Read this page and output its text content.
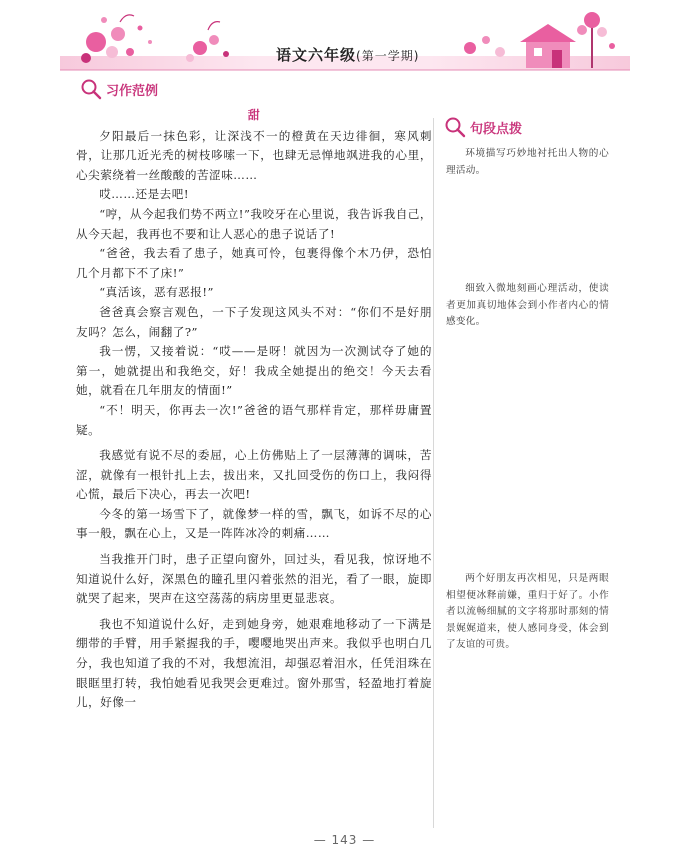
语文六年级(第一学期)
习作范例
句段点拨
甜

夕阳最后一抹色彩，让深浅不一的橙黄在天边徘徊，寒风刺骨，让那几近光秃的树枝哆嗦一下，也肆无忌惮地飒进我的心里，心尖萦绕着一丝酸酸的苦涩味……

哎……还是去吧!

“哼，从今起我们势不两立!”我咬牙在心里说，我告诉我自己，从今天起，我再也不要和让人恶心的患子说话了!

“爸爸，我去看了患子，她真可怜，包裹得像个木乃伊，恐怕几个月都下不了床!”

“真活该，恶有恶报!”

爸爸真会察言观色，一下子发现这风头不对：“你们不是好朋友吗？怎么，闹翻了?”

我一愣，又接着说：“哎——是呀！就因为一次测试夺了她的第一，她就提出和我绝交，好！我成全她提出的绝交！今天去看她，就看在几年朋友的情面!”

“不！明天，你再去一次!”爸爸的语气那样肯定，那样毋庸置疑。

我感觉有说不尽的委屈，心上仿佛贴上了一层薄薄的调味，苦涩，就像有一根针扎上去，拔出来，又扎回受伤的伤口上，我闷得心慌，最后下决心，再去一次吧!

今冬的第一场雪下了，就像梦一样的雪，飘飞，如诉不尽的心事一般，飘在心上，又是一阵阵冰冷的刺痛……

当我推开门时，患子正望向窗外，回过头，看见我，惊讶地不知道说什么好，深黑色的瞳孔里闪着张然的泪光，看了一眼，旋即就哭了起来，哭声在这空荡荡的病房里更显悲哀。

我也不知道说什么好，走到她身旁，她艰难地移动了一下满是绷带的手臂，用手紧握我的手，嘤嘤地哭出声来。我似乎也明白几分，我也知道了我的不对，我想流泪，却强忍着泪水，任凭泪珠在眼眶里打转，我怕她看见我哭会更难过。窗外那雪，轻盈地打着旋儿，好像一

环境描写巧妙地衬托出人物的心理活动。

细致入微地刻画心理活动，使读者更加真切地体会到小作者内心的情感变化。

两个好朋友再次相见，只是两眼相望便冰释前嫌，重归于好了。小作者以流畅细腻的文字将那时那刻的情景娓娓道来，使人感同身受，体会到了友谊的可贵。

— 143 —
